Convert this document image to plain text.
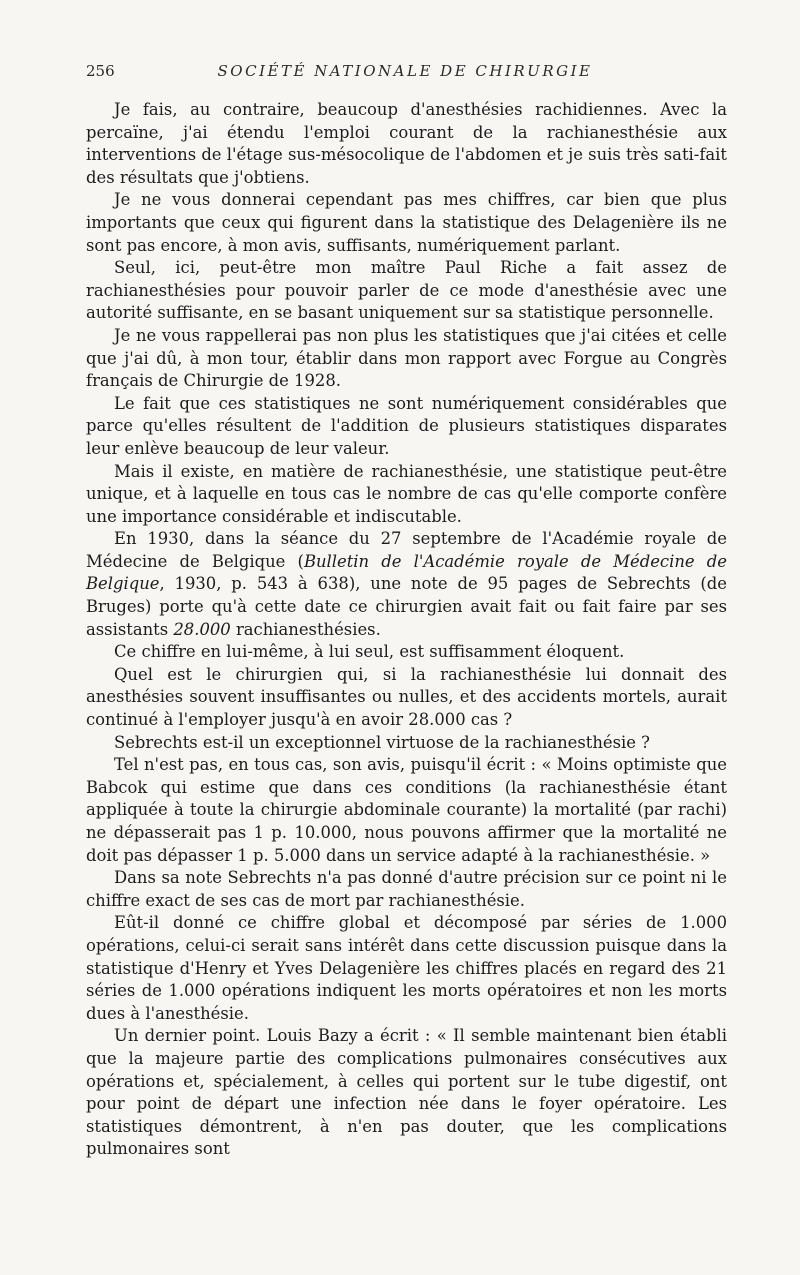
256	SOCIÉTÉ NATIONALE DE CHIRURGIE

Je fais, au contraire, beaucoup d'anesthésies rachidiennes. Avec la percaïne, j'ai étendu l'emploi courant de la rachianesthésie aux interventions de l'étage sus-mésocolique de l'abdomen et je suis très sati-fait des résultats que j'obtiens.

Je ne vous donnerai cependant pas mes chiffres, car bien que plus importants que ceux qui figurent dans la statistique des Delagenière ils ne sont pas encore, à mon avis, suffisants, numériquement parlant.

Seul, ici, peut-être mon maître Paul Riche a fait assez de rachianesthésies pour pouvoir parler de ce mode d'anesthésie avec une autorité suffisante, en se basant uniquement sur sa statistique personnelle.

Je ne vous rappellerai pas non plus les statistiques que j'ai citées et celle que j'ai dû, à mon tour, établir dans mon rapport avec Forgue au Congrès français de Chirurgie de 1928.

Le fait que ces statistiques ne sont numériquement considérables que parce qu'elles résultent de l'addition de plusieurs statistiques disparates leur enlève beaucoup de leur valeur.

Mais il existe, en matière de rachianesthésie, une statistique peut-être unique, et à laquelle en tous cas le nombre de cas qu'elle comporte confère une importance considérable et indiscutable.

En 1930, dans la séance du 27 septembre de l'Académie royale de Médecine de Belgique (Bulletin de l'Académie royale de Médecine de Belgique, 1930, p. 543 à 638), une note de 95 pages de Sebrechts (de Bruges) porte qu'à cette date ce chirurgien avait fait ou fait faire par ses assistants 28.000 rachianesthésies.

Ce chiffre en lui-même, à lui seul, est suffisamment éloquent.

Quel est le chirurgien qui, si la rachianesthésie lui donnait des anesthésies souvent insuffisantes ou nulles, et des accidents mortels, aurait continué à l'employer jusqu'à en avoir 28.000 cas ?

Sebrechts est-il un exceptionnel virtuose de la rachianesthésie ?

Tel n'est pas, en tous cas, son avis, puisqu'il écrit : « Moins optimiste que Babcok qui estime que dans ces conditions (la rachianesthésie étant appliquée à toute la chirurgie abdominale courante) la mortalité (par rachi) ne dépasserait pas 1 p. 10.000, nous pouvons affirmer que la mortalité ne doit pas dépasser 1 p. 5.000 dans un service adapté à la rachianesthésie. »

Dans sa note Sebrechts n'a pas donné d'autre précision sur ce point ni le chiffre exact de ses cas de mort par rachianesthésie.

Eût-il donné ce chiffre global et décomposé par séries de 1.000 opérations, celui-ci serait sans intérêt dans cette discussion puisque dans la statistique d'Henry et Yves Delagenière les chiffres placés en regard des 21 séries de 1.000 opérations indiquent les morts opératoires et non les morts dues à l'anesthésie.

Un dernier point. Louis Bazy a écrit : « Il semble maintenant bien établi que la majeure partie des complications pulmonaires consécutives aux opérations et, spécialement, à celles qui portent sur le tube digestif, ont pour point de départ une infection née dans le foyer opératoire. Les statistiques démontrent, à n'en pas douter, que les complications pulmonaires sont
